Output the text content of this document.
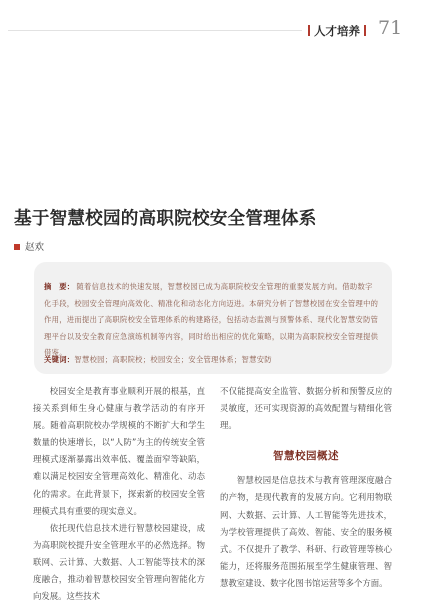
人才培养 71
基于智慧校园的高职院校安全管理体系
赵欢
摘　要： 随着信息技术的快速发展，智慧校园已成为高职院校安全管理的重要发展方向。借助数字化手段，校园安全管理向高效化、精准化和动态化方向迈进。本研究分析了智慧校园在安全管理中的作用，进而提出了高职院校安全管理体系的构建路径，包括动态监测与预警体系、现代化智慧安防管理平台以及安全教育应急演练机制等内容，同时给出相应的优化策略，以期为高职院校安全管理提供借鉴。
关键词：智慧校园；高职院校；校园安全；安全管理体系；智慧安防

校园安全是教育事业顺利开展的根基，直接关系到师生身心健康与教学活动的有序开展。随着高职院校办学规模的不断扩大和学生数量的快速增长，以“人防”为主的传统安全管理模式逐渐暴露出效率低、覆盖面窄等缺陷，难以满足校园安全管理高效化、精准化、动态化的需求。在此背景下，探索新的校园安全管理模式具有重要的现实意义。

依托现代信息技术进行智慧校园建设，成为高职院校提升安全管理水平的必然选择。物联网、云计算、大数据、人工智能等技术的深度融合，推动着智慧校园安全管理向智能化方向发展。这些技术

不仅能提高安全监管、数据分析和预警反应的灵敏度，还可实现资源的高效配置与精细化管理。

智慧校园概述

智慧校园是信息技术与教育管理深度融合的产物，是现代教育的发展方向。它利用物联网、大数据、云计算、人工智能等先进技术，为学校管理提供了高效、智能、安全的服务模式。不仅提升了教学、科研、行政管理等核心能力，还将服务范围拓展至学生健康管理、智慧教室建设、数字化图书馆运营等多个方面。
